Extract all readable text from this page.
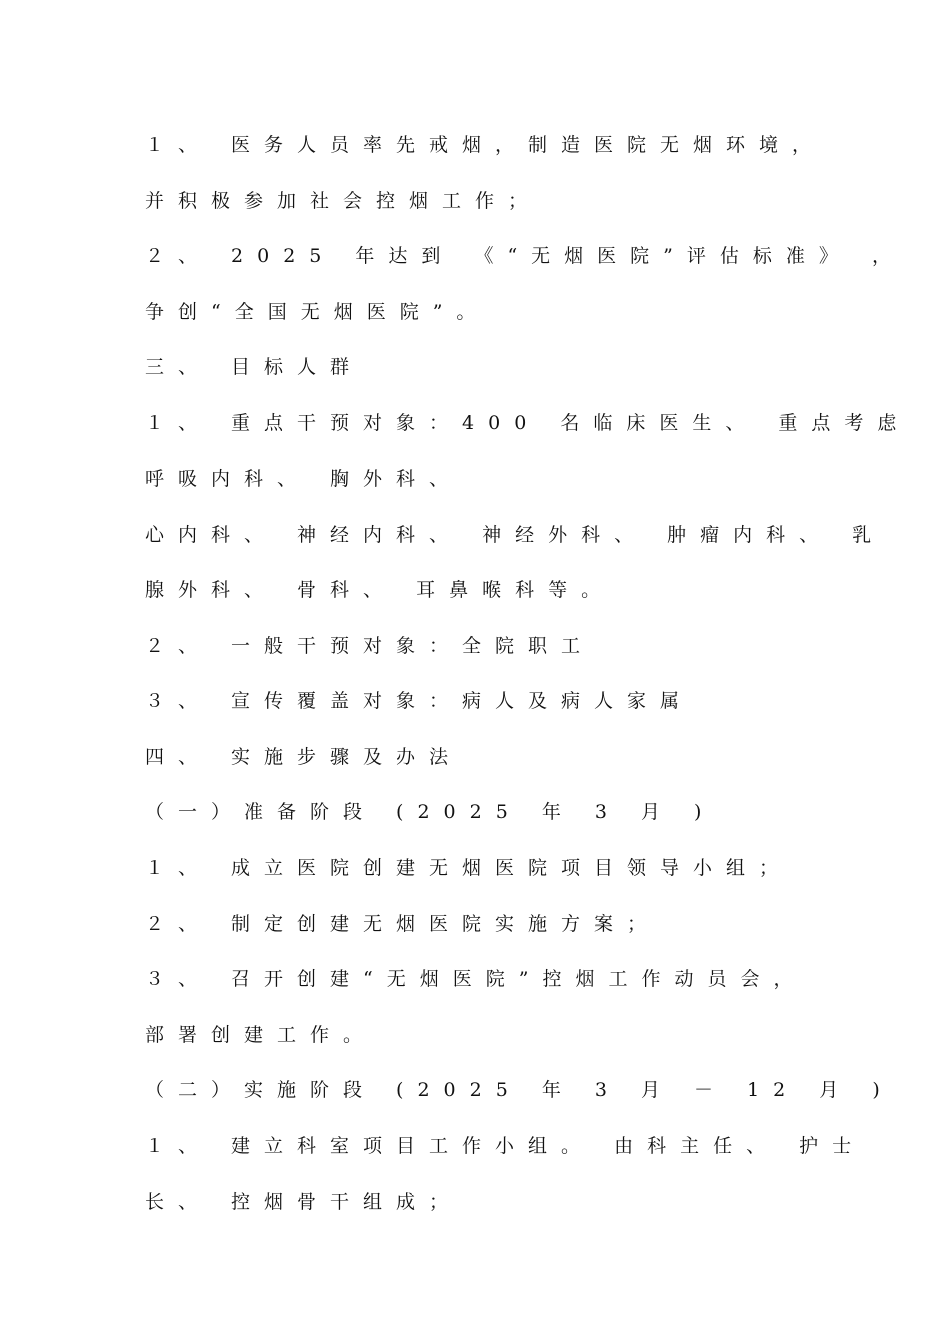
１、 医务人员率先戒烟，制造医院无烟环境，
并积极参加社会控烟工作；
２、 2025 年达到 《“无烟医院”评估标准》 ，
争创“全国无烟医院”。
三、 目标人群
１、 重点干预对象：400 名临床医生、 重点考虑
呼吸内科、 胸外科、
心内科、 神经内科、 神经外科、 肿瘤内科、 乳
腺外科、 骨科、 耳鼻喉科等。
２、 一般干预对象：全院职工
３、 宣传覆盖对象：病人及病人家属
四、 实施步骤及办法
（一）准备阶段 (2025 年 3 月 )
１、 成立医院创建无烟医院项目领导小组；
２、 制定创建无烟医院实施方案；
３、 召开创建“无烟医院”控烟工作动员会，
部署创建工作。
（二）实施阶段 (2025 年 3 月 － 12 月 )
１、 建立科室项目工作小组。 由科主任、 护士
长、 控烟骨干组成；
